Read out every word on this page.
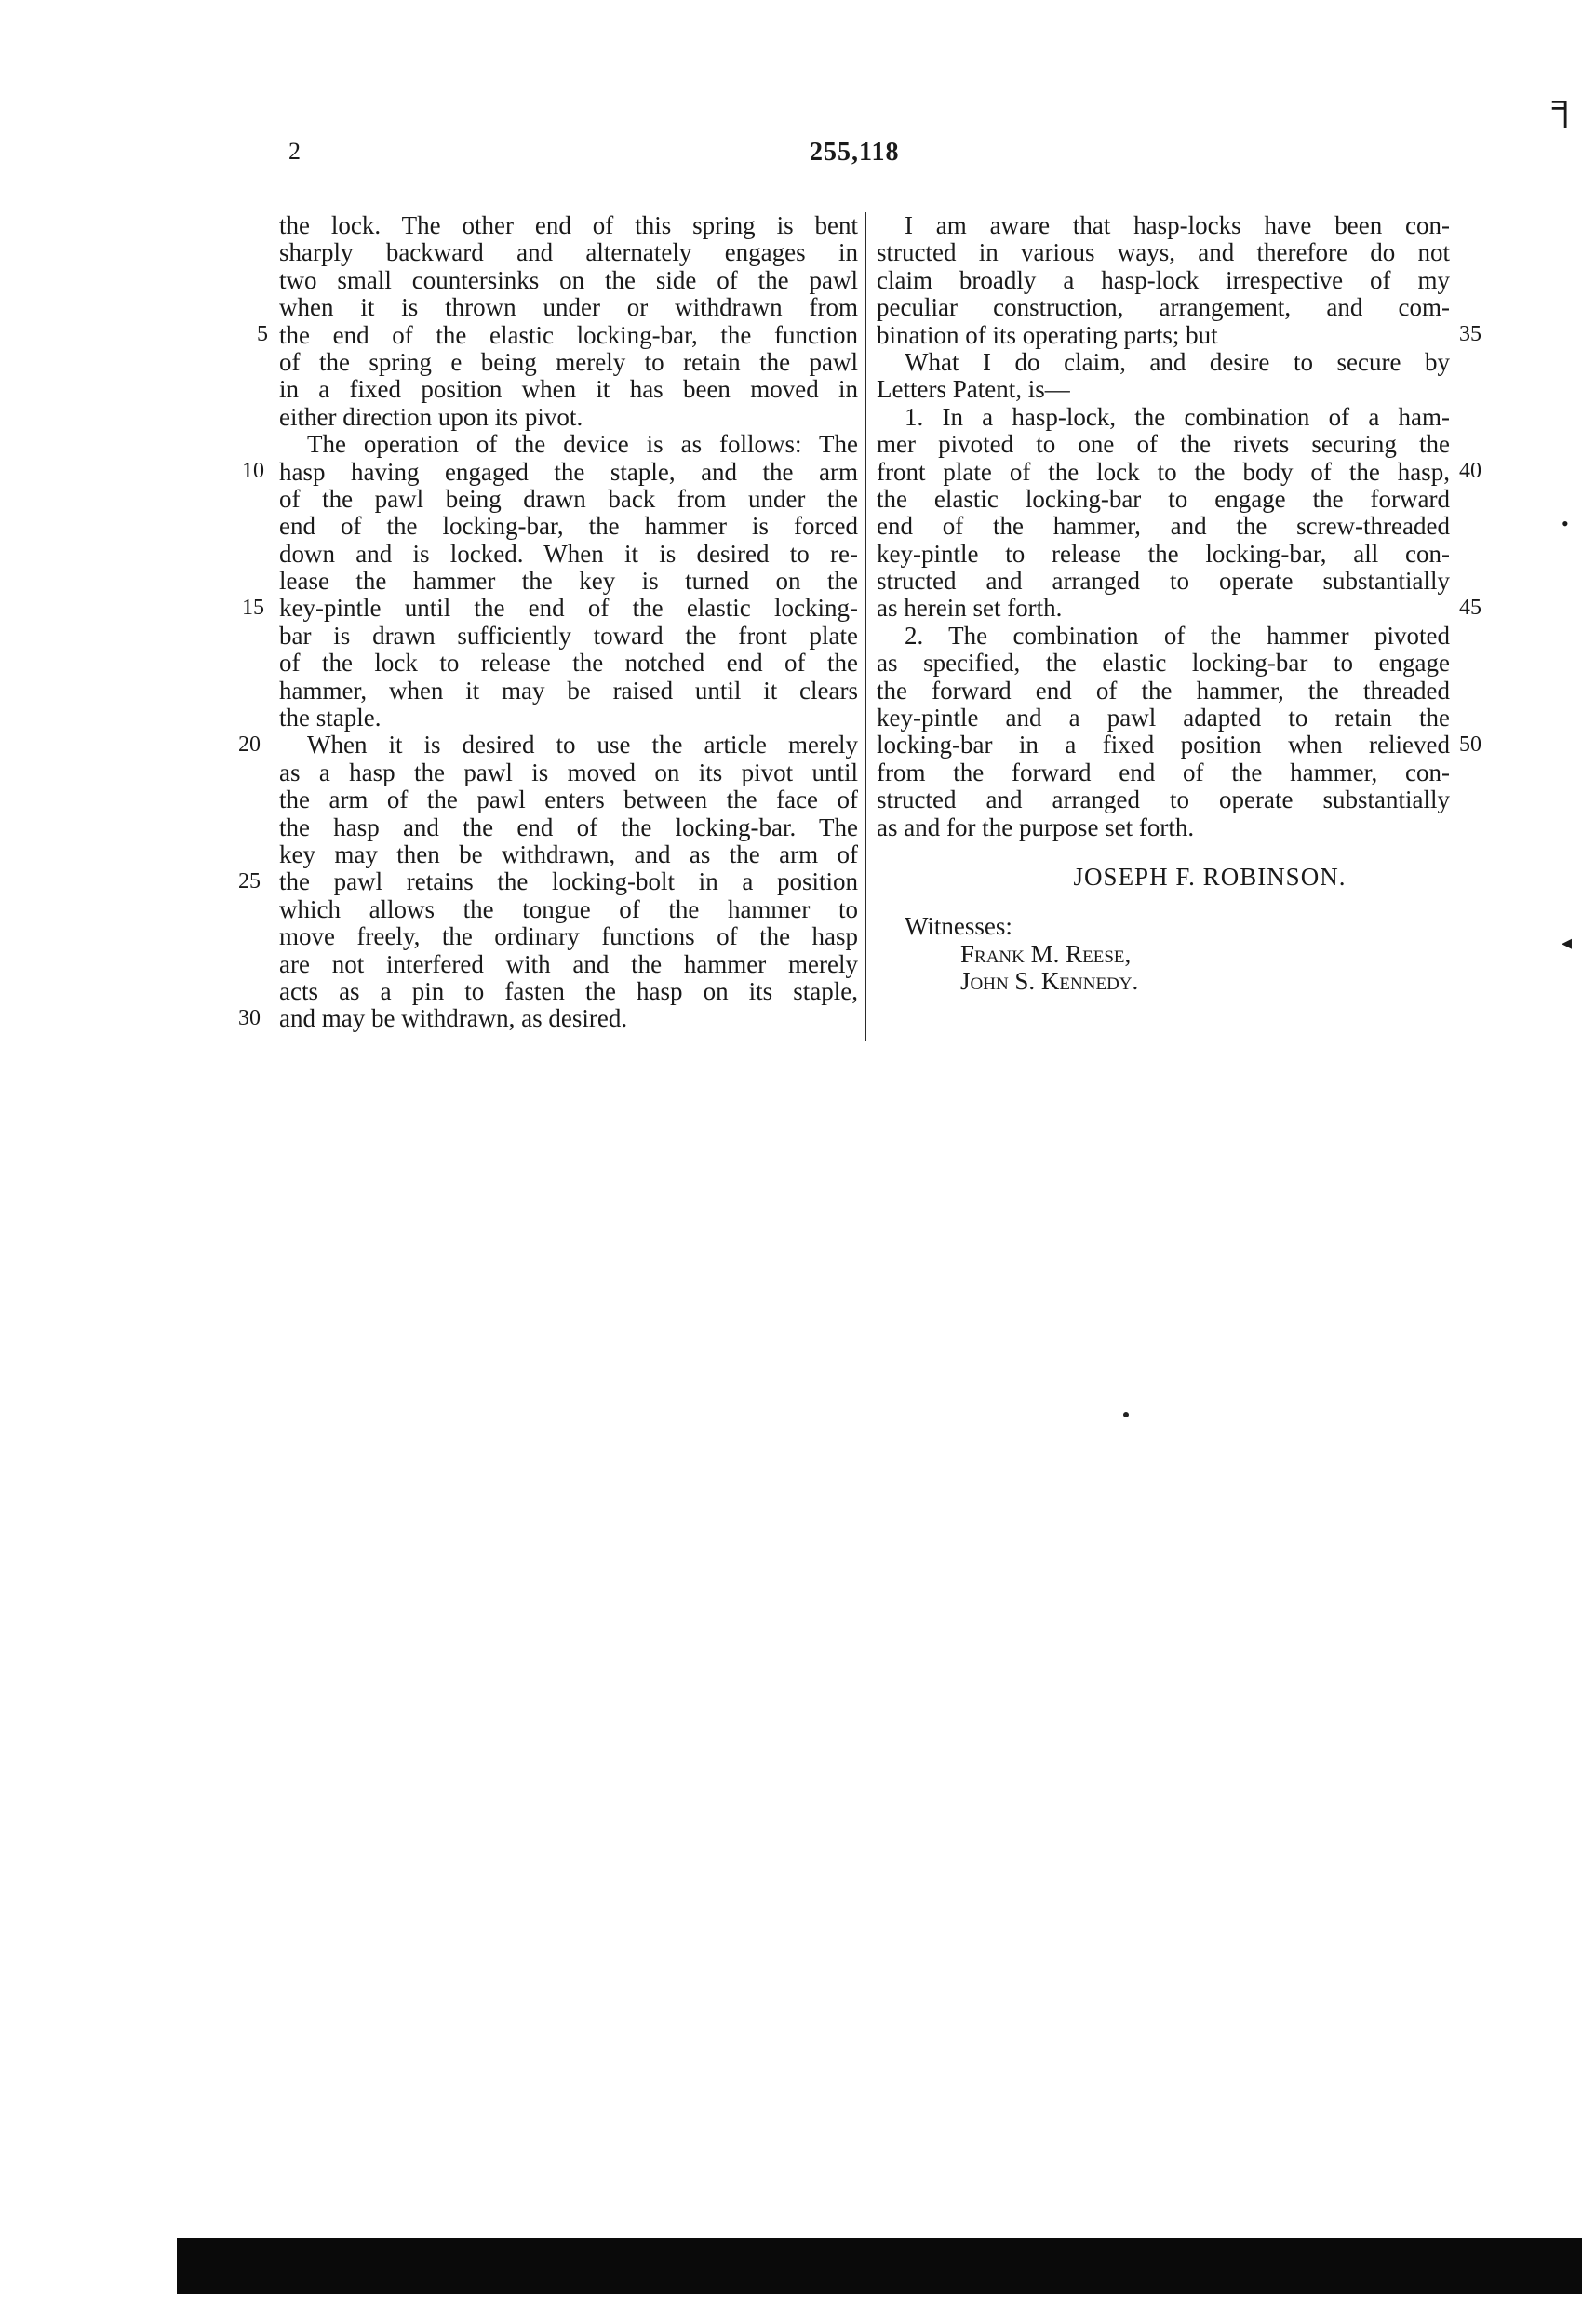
2	255,118
╕
the lock. The other end of this spring is bent
sharply backward and alternately engages in
two small countersinks on the side of the pawl
when it is thrown under or withdrawn from
the end of the elastic locking-bar, the function
of the spring e being merely to retain the pawl
in a fixed position when it has been moved in
either direction upon its pivot.
The operation of the device is as follows: The
hasp having engaged the staple, and the arm
of the pawl being drawn back from under the
end of the locking-bar, the hammer is forced
down and is locked. When it is desired to re-
lease the hammer the key is turned on the
key-pintle until the end of the elastic locking-
bar is drawn sufficiently toward the front plate
of the lock to release the notched end of the
hammer, when it may be raised until it clears
the staple.
When it is desired to use the article merely
as a hasp the pawl is moved on its pivot until
the arm of the pawl enters between the face of
the hasp and the end of the locking-bar. The
key may then be withdrawn, and as the arm of
the pawl retains the locking-bolt in a position
which allows the tongue of the hammer to
move freely, the ordinary functions of the hasp
are not interfered with and the hammer merely
acts as a pin to fasten the hasp on its staple,
and may be withdrawn, as desired.
I am aware that hasp-locks have been con-
structed in various ways, and therefore do not
claim broadly a hasp-lock irrespective of my
peculiar construction, arrangement, and com-
bination of its operating parts; but
What I do claim, and desire to secure by
Letters Patent, is—
1. In a hasp-lock, the combination of a ham-
mer pivoted to one of the rivets securing the
front plate of the lock to the body of the hasp,
the elastic locking-bar to engage the forward
end of the hammer, and the screw-threaded
key-pintle to release the locking-bar, all con-
structed and arranged to operate substantially
as herein set forth.
2. The combination of the hammer pivoted
as specified, the elastic locking-bar to engage
the forward end of the hammer, the threaded
key-pintle and a pawl adapted to retain the
locking-bar in a fixed position when relieved
from the forward end of the hammer, con-
structed and arranged to operate substantially
as and for the purpose set forth.
JOSEPH F. ROBINSON.
Witnesses:
Frank M. Reese,
John S. Kennedy.
5
10
15
20
25
30
35
40
45
50
•
◂
